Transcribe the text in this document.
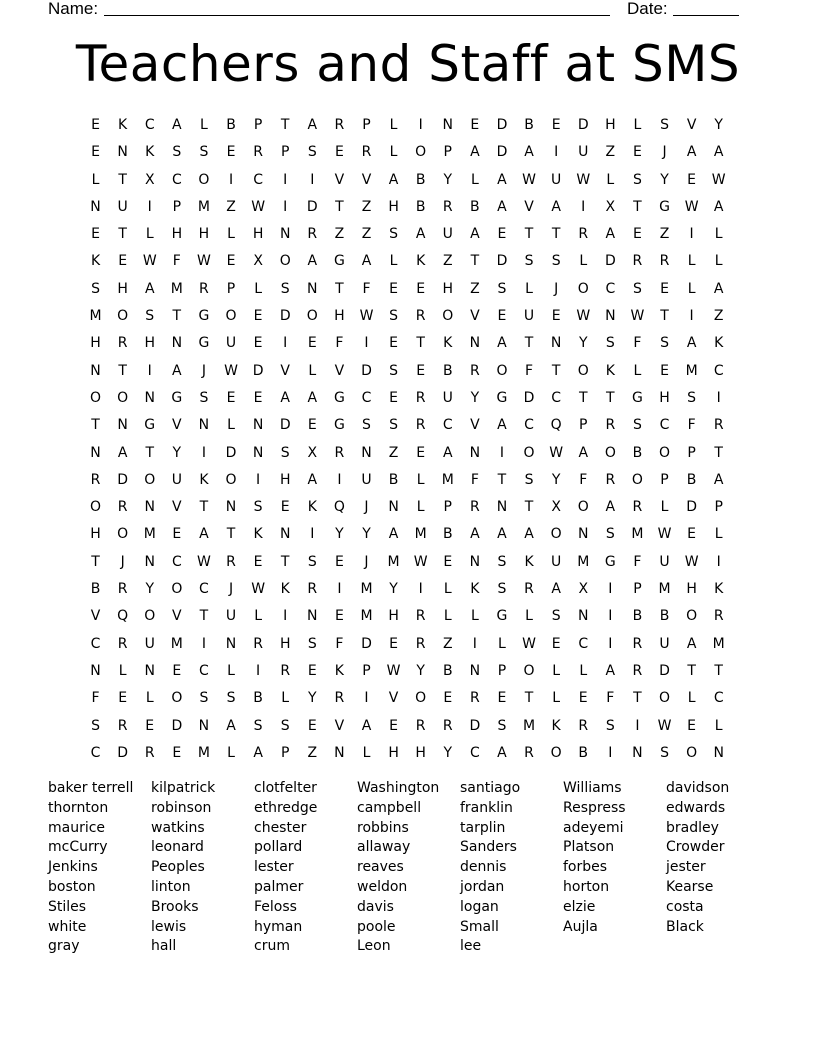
Name:	Date:
Teachers and Staff at SMS
E	K	C	A	L	B	P	T	A	R	P	L	I	N	E	D	B	E	D	H	L	S	V	Y
E	N	K	S	S	E	R	P	S	E	R	L	O	P	A	D	A	I	U	Z	E	J	A	A
L	T	X	C	O	I	C	I	I	V	V	A	B	Y	L	A	W	U	W	L	S	Y	E	W
N	U	I	P	M	Z	W	I	D	T	Z	H	B	R	B	A	V	A	I	X	T	G	W	A
E	T	L	H	H	L	H	N	R	Z	Z	S	A	U	A	E	T	T	R	A	E	Z	I	L
K	E	W	F	W	E	X	O	A	G	A	L	K	Z	T	D	S	S	L	D	R	R	L	L
S	H	A	M	R	P	L	S	N	T	F	E	E	H	Z	S	L	J	O	C	S	E	L	A
M	O	S	T	G	O	E	D	O	H	W	S	R	O	V	E	U	E	W	N	W	T	I	Z
H	R	H	N	G	U	E	I	E	F	I	E	T	K	N	A	T	N	Y	S	F	S	A	K
N	T	I	A	J	W	D	V	L	V	D	S	E	B	R	O	F	T	O	K	L	E	M	C
O	O	N	G	S	E	E	A	A	G	C	E	R	U	Y	G	D	C	T	T	G	H	S	I
T	N	G	V	N	L	N	D	E	G	S	S	R	C	V	A	C	Q	P	R	S	C	F	R
N	A	T	Y	I	D	N	S	X	R	N	Z	E	A	N	I	O	W	A	O	B	O	P	T
R	D	O	U	K	O	I	H	A	I	U	B	L	M	F	T	S	Y	F	R	O	P	B	A
O	R	N	V	T	N	S	E	K	Q	J	N	L	P	R	N	T	X	O	A	R	L	D	P
H	O	M	E	A	T	K	N	I	Y	Y	A	M	B	A	A	A	O	N	S	M	W	E	L
T	J	N	C	W	R	E	T	S	E	J	M	W	E	N	S	K	U	M	G	F	U	W	I
B	R	Y	O	C	J	W	K	R	I	M	Y	I	L	K	S	R	A	X	I	P	M	H	K
V	Q	O	V	T	U	L	I	N	E	M	H	R	L	L	G	L	S	N	I	B	B	O	R
C	R	U	M	I	N	R	H	S	F	D	E	R	Z	I	L	W	E	C	I	R	U	A	M
N	L	N	E	C	L	I	R	E	K	P	W	Y	B	N	P	O	L	L	A	R	D	T	T
F	E	L	O	S	S	B	L	Y	R	I	V	O	E	R	E	T	L	E	F	T	O	L	C
S	R	E	D	N	A	S	S	E	V	A	E	R	R	D	S	M	K	R	S	I	W	E	L
C	D	R	E	M	L	A	P	Z	N	L	H	H	Y	C	A	R	O	B	I	N	S	O	N
baker terrell
thornton
maurice
mcCurry
Jenkins
boston
Stiles
white
gray
kilpatrick
robinson
watkins
leonard
Peoples
linton
Brooks
lewis
hall
clotfelter
ethredge
chester
pollard
lester
palmer
Feloss
hyman
crum
Washington
campbell
robbins
allaway
reaves
weldon
davis
poole
Leon
santiago
franklin
tarplin
Sanders
dennis
jordan
logan
Small
lee
Williams
Respress
adeyemi
Platson
forbes
horton
elzie
Aujla
davidson
edwards
bradley
Crowder
jester
Kearse
costa
Black
